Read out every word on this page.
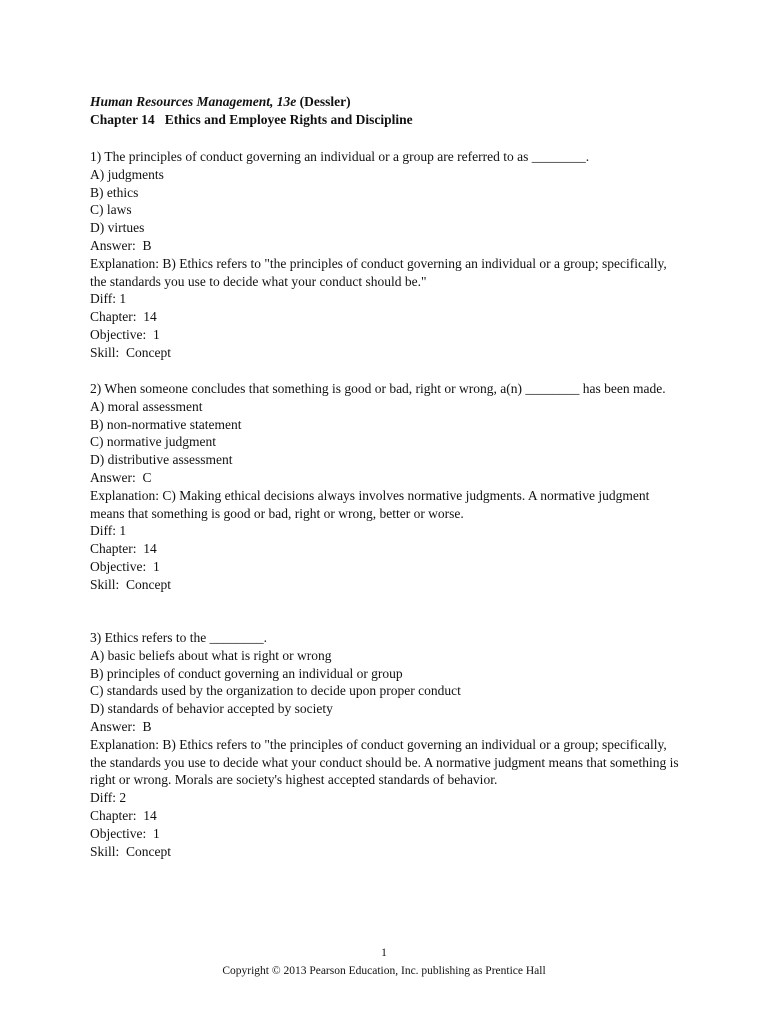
Human Resources Management, 13e (Dessler)
Chapter 14   Ethics and Employee Rights and Discipline
1) The principles of conduct governing an individual or a group are referred to as ________.
A) judgments
B) ethics
C) laws
D) virtues
Answer:  B
Explanation: B) Ethics refers to "the principles of conduct governing an individual or a group; specifically, the standards you use to decide what your conduct should be."
Diff: 1
Chapter:  14
Objective:  1
Skill:  Concept
2) When someone concludes that something is good or bad, right or wrong, a(n) ________ has been made.
A) moral assessment
B) non-normative statement
C) normative judgment
D) distributive assessment
Answer:  C
Explanation: C) Making ethical decisions always involves normative judgments. A normative judgment means that something is good or bad, right or wrong, better or worse.
Diff: 1
Chapter:  14
Objective:  1
Skill:  Concept
3) Ethics refers to the ________.
A) basic beliefs about what is right or wrong
B) principles of conduct governing an individual or group
C) standards used by the organization to decide upon proper conduct
D) standards of behavior accepted by society
Answer:  B
Explanation: B) Ethics refers to "the principles of conduct governing an individual or a group; specifically, the standards you use to decide what your conduct should be. A normative judgment means that something is right or wrong. Morals are society's highest accepted standards of behavior.
Diff: 2
Chapter:  14
Objective:  1
Skill:  Concept
1
Copyright © 2013 Pearson Education, Inc. publishing as Prentice Hall
